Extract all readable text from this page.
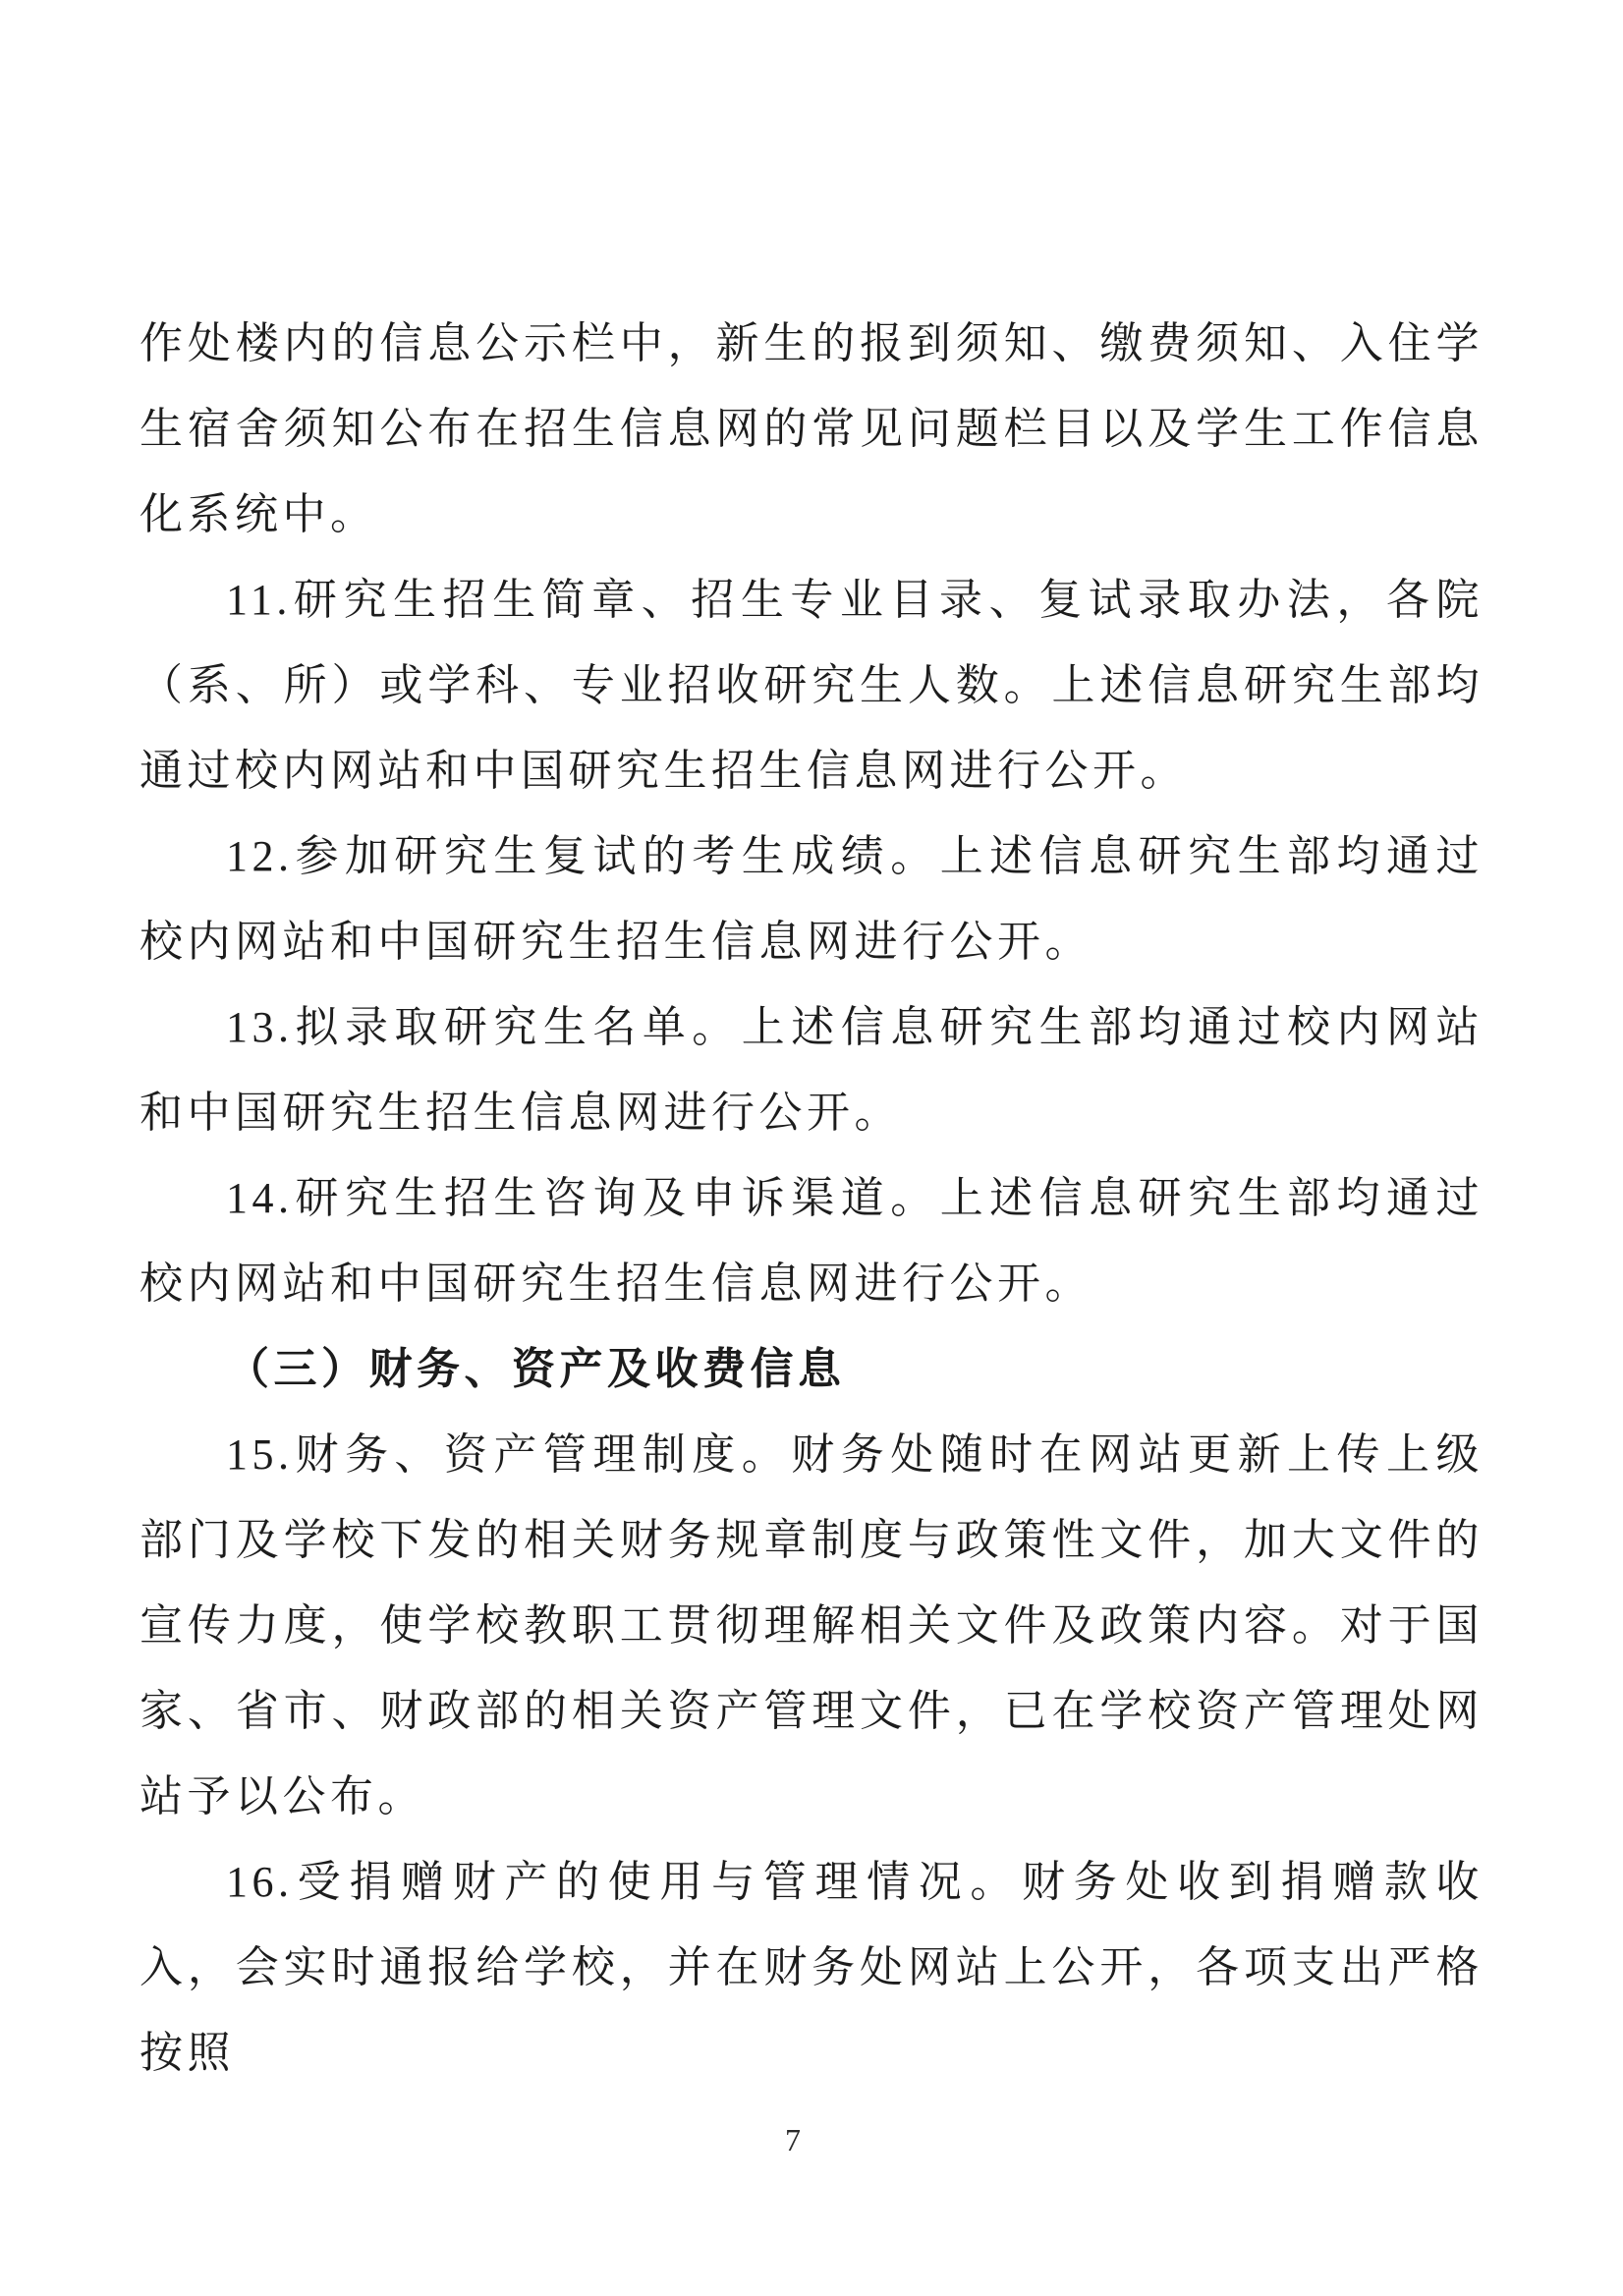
作处楼内的信息公示栏中，新生的报到须知、缴费须知、入住学生宿舍须知公布在招生信息网的常见问题栏目以及学生工作信息化系统中。

11.研究生招生简章、招生专业目录、复试录取办法，各院（系、所）或学科、专业招收研究生人数。上述信息研究生部均通过校内网站和中国研究生招生信息网进行公开。

12.参加研究生复试的考生成绩。上述信息研究生部均通过校内网站和中国研究生招生信息网进行公开。

13.拟录取研究生名单。上述信息研究生部均通过校内网站和中国研究生招生信息网进行公开。

14.研究生招生咨询及申诉渠道。上述信息研究生部均通过校内网站和中国研究生招生信息网进行公开。

（三）财务、资产及收费信息

15.财务、资产管理制度。财务处随时在网站更新上传上级部门及学校下发的相关财务规章制度与政策性文件，加大文件的宣传力度，使学校教职工贯彻理解相关文件及政策内容。对于国家、省市、财政部的相关资产管理文件，已在学校资产管理处网站予以公布。

16.受捐赠财产的使用与管理情况。财务处收到捐赠款收入，会实时通报给学校，并在财务处网站上公开，各项支出严格按照

7
